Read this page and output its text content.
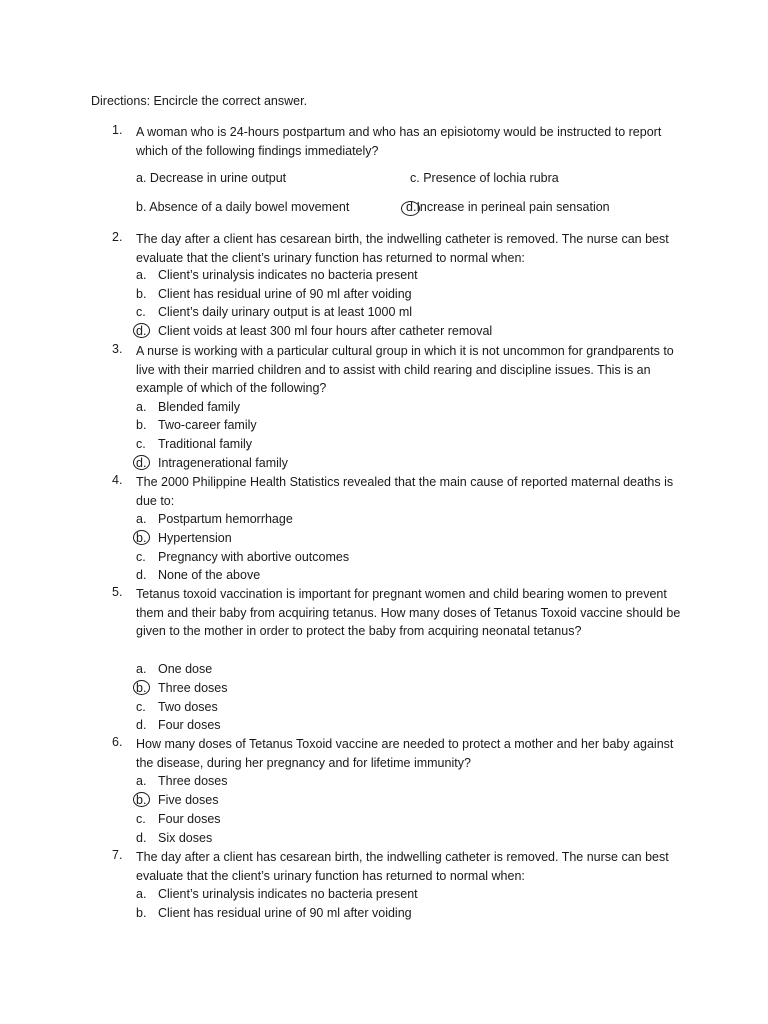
Directions: Encircle the correct answer.
1. A woman who is 24-hours postpartum and who has an episiotomy would be instructed to report which of the following findings immediately?
a. Decrease in urine output
b. Absence of a daily bowel movement
c. Presence of lochia rubra
d.Increase in perineal pain sensation
2. The day after a client has cesarean birth, the indwelling catheter is removed. The nurse can best evaluate that the client’s urinary function has returned to normal when:
a. Client’s urinalysis indicates no bacteria present
b. Client has residual urine of 90 ml after voiding
c. Client’s daily urinary output is at least 1000 ml
d. Client voids at least 300 ml four hours after catheter removal
3. A nurse is working with a particular cultural group in which it is not uncommon for grandparents to live with their married children and to assist with child rearing and discipline issues. This is an example of which of the following?
a. Blended family
b. Two-career family
c. Traditional family
d. Intragenerational family
4. The 2000 Philippine Health Statistics revealed that the main cause of reported maternal deaths is due to:
a. Postpartum hemorrhage
b. Hypertension
c. Pregnancy with abortive outcomes
d. None of the above
5. Tetanus toxoid vaccination is important for pregnant women and child bearing women to prevent them and their baby from acquiring tetanus. How many doses of Tetanus Toxoid vaccine should be given to the mother in order to protect the baby from acquiring neonatal tetanus?
a. One dose
b. Three doses
c. Two doses
d. Four doses
6. How many doses of Tetanus Toxoid vaccine are needed to protect a mother and her baby against the disease, during her pregnancy and for lifetime immunity?
a. Three doses
b. Five doses
c. Four doses
d. Six doses
7. The day after a client has cesarean birth, the indwelling catheter is removed. The nurse can best evaluate that the client’s urinary function has returned to normal when:
a. Client’s urinalysis indicates no bacteria present
b. Client has residual urine of 90 ml after voiding
